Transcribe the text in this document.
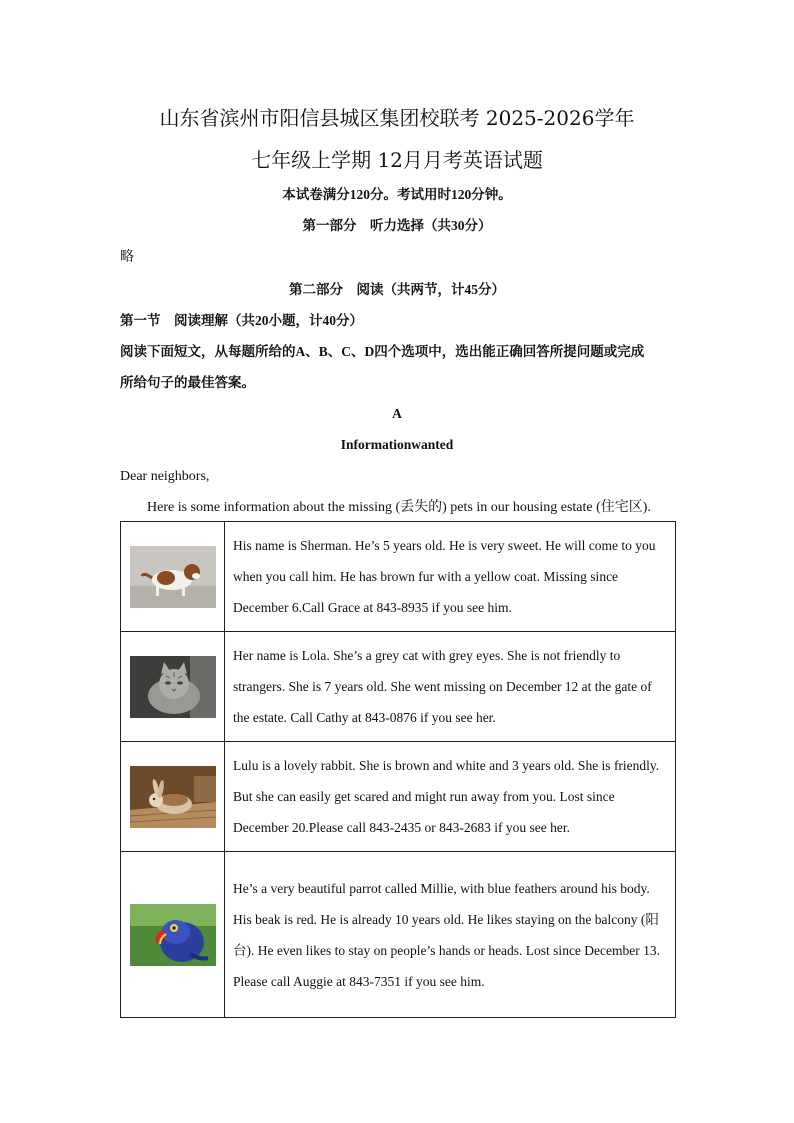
山东省滨州市阳信县城区集团校联考 2025-2026学年
七年级上学期 12月月考英语试题
本试卷满分120分。考试用时120分钟。
第一部分　听力选择（共30分）
略
第二部分　阅读（共两节，计45分）
第一节　阅读理解（共20小题，计40分）
阅读下面短文，从每题所给的A、B、C、D四个选项中，选出能正确回答所提问题或完成
所给句子的最佳答案。
A
Informationwanted
Dear neighbors,
Here is some information about the missing (丢失的) pets in our housing estate (住宅区).
	His name is Sherman. He’s 5 years old. He is very sweet. He will come to you when you call him. He has brown fur with a yellow coat. Missing since December 6.Call Grace at 843-8935 if you see him.

	Her name is Lola. She’s a grey cat with grey eyes. She is not friendly to strangers. She is 7 years old. She went missing on December 12 at the gate of the estate. Call Cathy at 843-0876 if you see her.

	Lulu is a lovely rabbit. She is brown and white and 3 years old. She is friendly. But she can easily get scared and might run away from you. Lost since December 20.Please call 843-2435 or 843-2683 if you see her.

He’s a very beautiful parrot called Millie, with blue feathers around his body. His beak is red. He is already 10 years old. He likes staying on the balcony (阳台). He even likes to stay on people’s hands or heads. Lost since December 13.
Please call Auggie at 843-7351 if you see him.
